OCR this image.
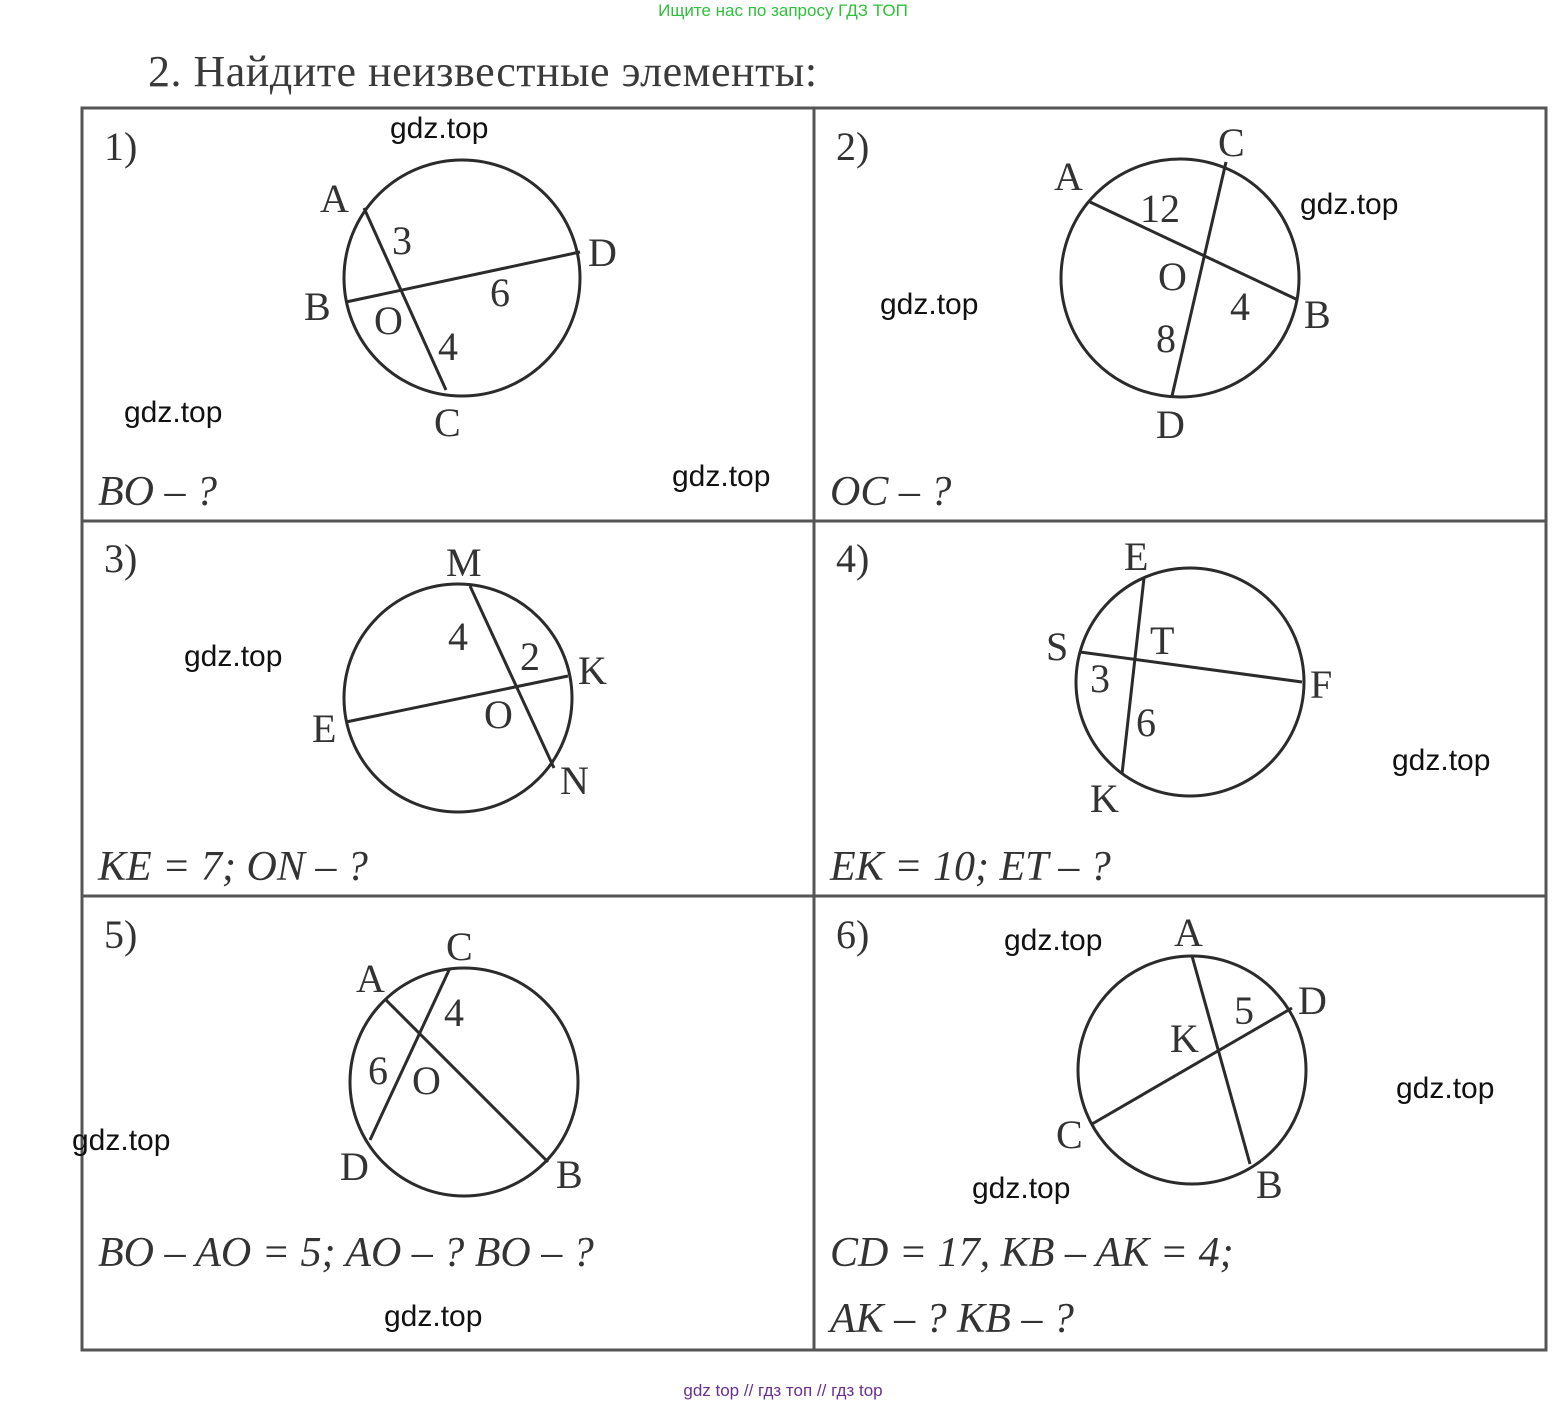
Ищите нас по запросу ГДЗ ТОП
2. Найдите неизвестные элементы:
1)
A
B
C
D
O
3
6
4
BO – ?
2)
A
B
C
D
O
12
4
8
OC – ?
3)	M
K
E
N
O
4 2
KE = 7; ON – ?
4)	E
S T
F
K
3
6
EK = 10; ET – ?
5)
A
C
D	B
O
4
6
BO – AO = 5; AO – ? BO – ?
6)	A
D
K
C
B
5
CD = 17, KB – AK = 4;
AK – ? KB – ?
gdz.top
gdz.top
gdz.top
gdz.top
gdz.top
gdz.top
gdz.top
gdz.top
gdz.top
gdz.top
gdz.top
gdz.top
gdz top // гдз топ // гдз top
